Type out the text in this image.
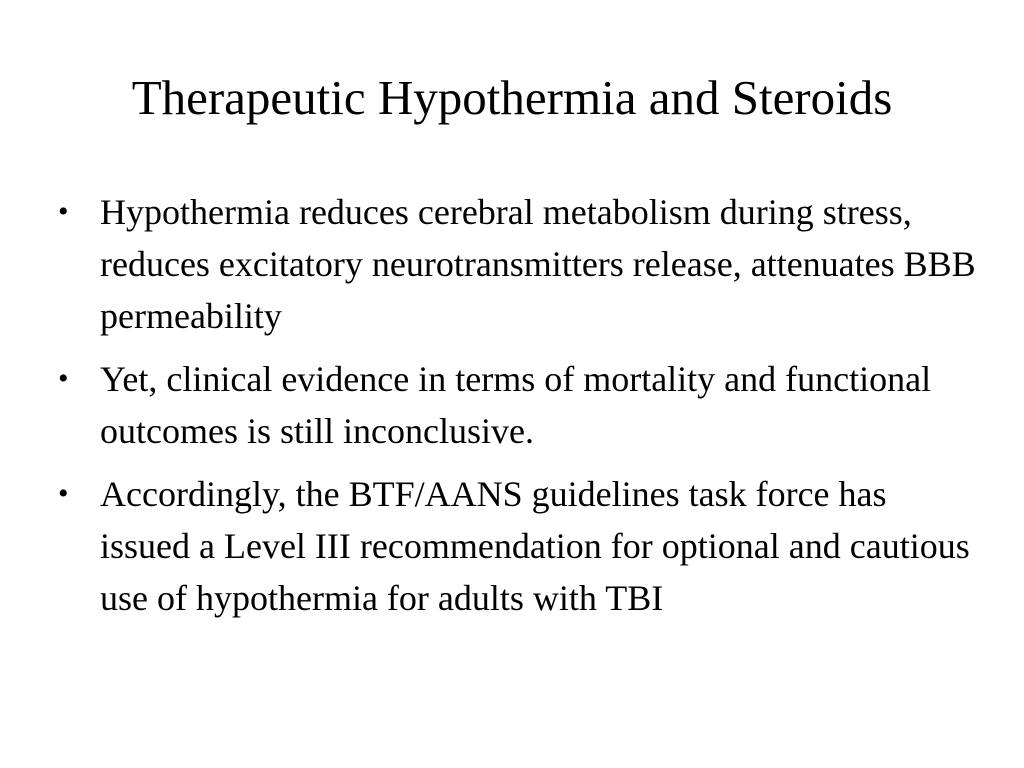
Therapeutic Hypothermia and Steroids
• Hypothermia reduces cerebral metabolism during stress, reduces excitatory neurotransmitters release, attenuates BBB permeability
• Yet, clinical evidence in terms of mortality and functional outcomes is still inconclusive.
• Accordingly, the BTF/AANS guidelines task force has issued a Level III recommendation for optional and cautious use of hypothermia for adults with TBI
